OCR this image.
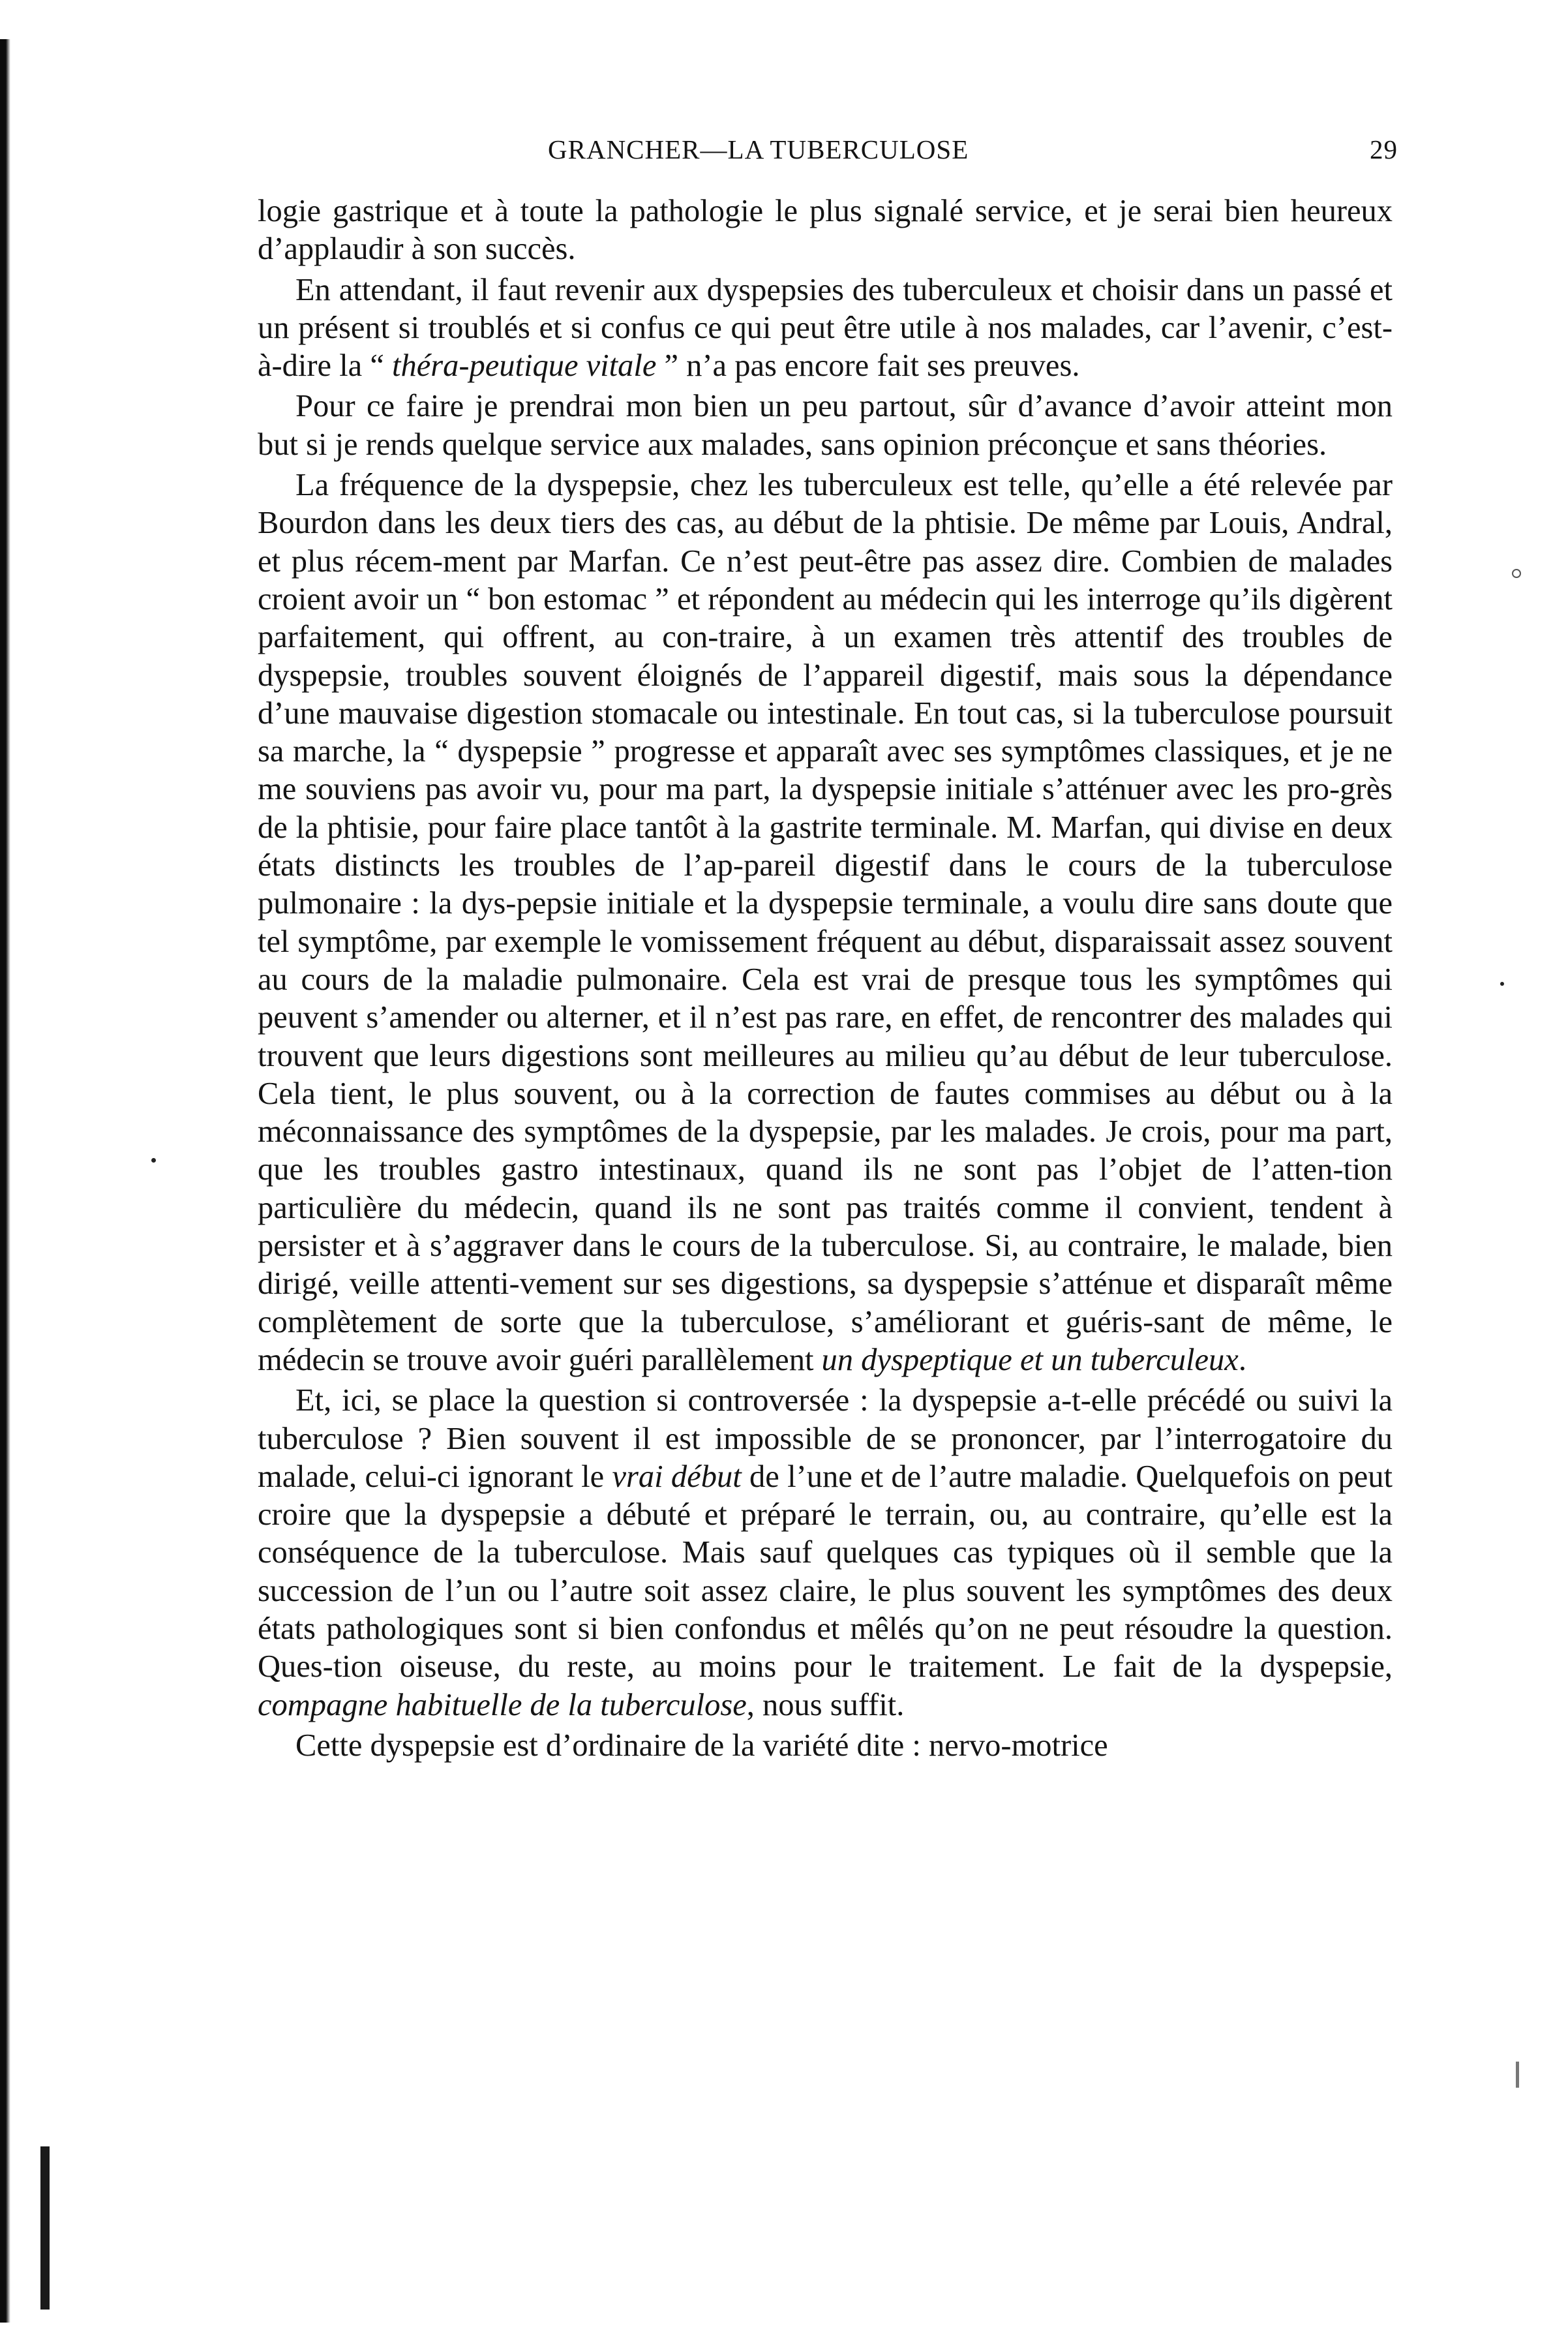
GRANCHER—LA TUBERCULOSE	29

logie gastrique et à toute la pathologie le plus signalé service, et je serai bien heureux d’applaudir à son succès.

En attendant, il faut revenir aux dyspepsies des tuberculeux et choisir dans un passé et un présent si troublés et si confus ce qui peut être utile à nos malades, car l’avenir, c’est-à-dire la “ théra-peutique vitale ” n’a pas encore fait ses preuves.

Pour ce faire je prendrai mon bien un peu partout, sûr d’avance d’avoir atteint mon but si je rends quelque service aux malades, sans opinion préconçue et sans théories.

La fréquence de la dyspepsie, chez les tuberculeux est telle, qu’elle a été relevée par Bourdon dans les deux tiers des cas, au début de la phtisie. De même par Louis, Andral, et plus récem-ment par Marfan. Ce n’est peut-être pas assez dire. Combien de malades croient avoir un “ bon estomac ” et répondent au médecin qui les interroge qu’ils digèrent parfaitement, qui offrent, au con-traire, à un examen très attentif des troubles de dyspepsie, troubles souvent éloignés de l’appareil digestif, mais sous la dépendance d’une mauvaise digestion stomacale ou intestinale. En tout cas, si la tuberculose poursuit sa marche, la “ dyspepsie ” progresse et apparaît avec ses symptômes classiques, et je ne me souviens pas avoir vu, pour ma part, la dyspepsie initiale s’atténuer avec les pro-grès de la phtisie, pour faire place tantôt à la gastrite terminale. M. Marfan, qui divise en deux états distincts les troubles de l’ap-pareil digestif dans le cours de la tuberculose pulmonaire : la dys-pepsie initiale et la dyspepsie terminale, a voulu dire sans doute que tel symptôme, par exemple le vomissement fréquent au début, disparaissait assez souvent au cours de la maladie pulmonaire. Cela est vrai de presque tous les symptômes qui peuvent s’amender ou alterner, et il n’est pas rare, en effet, de rencontrer des malades qui trouvent que leurs digestions sont meilleures au milieu qu’au début de leur tuberculose. Cela tient, le plus souvent, ou à la correction de fautes commises au début ou à la méconnaissance des symptômes de la dyspepsie, par les malades. Je crois, pour ma part, que les troubles gastro intestinaux, quand ils ne sont pas l’objet de l’atten-tion particulière du médecin, quand ils ne sont pas traités comme il convient, tendent à persister et à s’aggraver dans le cours de la tuberculose. Si, au contraire, le malade, bien dirigé, veille attenti-vement sur ses digestions, sa dyspepsie s’atténue et disparaît même complètement de sorte que la tuberculose, s’améliorant et guéris-sant de même, le médecin se trouve avoir guéri parallèlement un dyspeptique et un tuberculeux.

Et, ici, se place la question si controversée : la dyspepsie a-t-elle précédé ou suivi la tuberculose ? Bien souvent il est impossible de se prononcer, par l’interrogatoire du malade, celui-ci ignorant le vrai début de l’une et de l’autre maladie. Quelquefois on peut croire que la dyspepsie a débuté et préparé le terrain, ou, au contraire, qu’elle est la conséquence de la tuberculose. Mais sauf quelques cas typiques où il semble que la succession de l’un ou l’autre soit assez claire, le plus souvent les symptômes des deux états pathologiques sont si bien confondus et mêlés qu’on ne peut résoudre la question. Ques-tion oiseuse, du reste, au moins pour le traitement. Le fait de la dyspepsie, compagne habituelle de la tuberculose, nous suffit.

Cette dyspepsie est d’ordinaire de la variété dite : nervo-motrice
